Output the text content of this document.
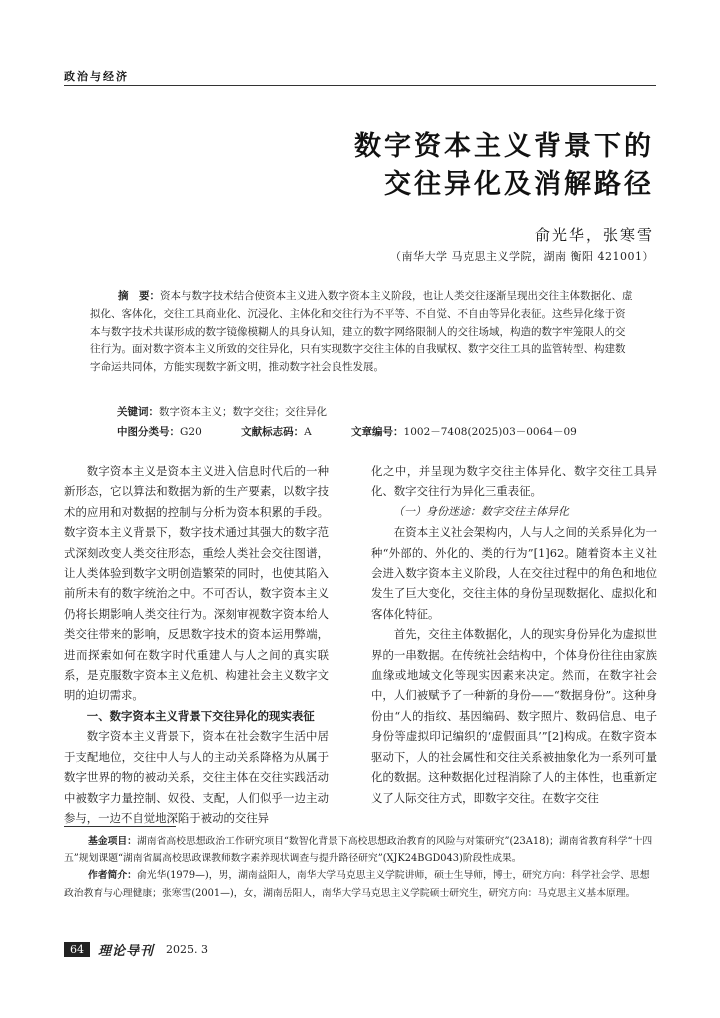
政治与经济
数字资本主义背景下的
交往异化及消解路径
俞光华，张寒雪
（南华大学 马克思主义学院，湖南 衡阳 421001）
摘　要：资本与数字技术结合使资本主义进入数字资本主义阶段，也让人类交往逐渐呈现出交往主体数据化、虚拟化、客体化，交往工具商业化、沉浸化、主体化和交往行为不平等、不自觉、不自由等异化表征。这些异化缘于资本与数字技术共谋形成的数字镜像模糊人的具身认知，建立的数字网络限制人的交往场域，构造的数字牢笼限人的交往行为。面对数字资本主义所致的交往异化，只有实现数字交往主体的自我赋权、数字交往工具的监管转型、构建数字命运共同体，方能实现数字新文明，推动数字社会良性发展。
关键词：数字资本主义；数字交往；交往异化
中图分类号：G20	文献标志码：A	文章编号：1002－7408(2025)03－0064－09

数字资本主义是资本主义进入信息时代后的一种新形态，它以算法和数据为新的生产要素，以数字技术的应用和对数据的控制与分析为资本积累的手段。数字资本主义背景下，数字技术通过其强大的数字范式深刻改变人类交往形态，重绘人类社会交往图谱，让人类体验到数字文明创造繁荣的同时，也使其陷入前所未有的数字统治之中。不可否认，数字资本主义仍将长期影响人类交往行为。深刻审视数字资本给人类交往带来的影响，反思数字技术的资本运用弊端，进而探索如何在数字时代重建人与人之间的真实联系，是克服数字资本主义危机、构建社会主义数字文明的迫切需求。

一、数字资本主义背景下交往异化的现实表征

数字资本主义背景下，资本在社会数字生活中居于支配地位，交往中人与人的主动关系降格为从属于数字世界的物的被动关系，交往主体在交往实践活动中被数字力量控制、奴役、支配，人们似乎一边主动参与，一边不自觉地深陷于被动的交往异

化之中，并呈现为数字交往主体异化、数字交往工具异化、数字交往行为异化三重表征。

（一）身份迷途：数字交往主体异化

在资本主义社会架构内，人与人之间的关系异化为一种“外部的、外化的、类的行为”[1]62。随着资本主义社会进入数字资本主义阶段，人在交往过程中的角色和地位发生了巨大变化，交往主体的身份呈现数据化、虚拟化和客体化特征。

首先，交往主体数据化，人的现实身份异化为虚拟世界的一串数据。在传统社会结构中，个体身份往往由家族血缘或地域文化等现实因素来决定。然而，在数字社会中，人们被赋予了一种新的身份——“数据身份”。这种身份由“人的指纹、基因编码、数字照片、数码信息、电子身份等虚拟印记编织的‘虚假面具’”[2]构成。在数字资本驱动下，人的社会属性和交往关系被抽象化为一系列可量化的数据。这种数据化过程消除了人的主体性，也重新定义了人际交往方式，即数字交往。在数字交往

基金项目：湖南省高校思想政治工作研究项目“数智化背景下高校思想政治教育的风险与对策研究”(23A18)；湖南省教育科学“十四五”规划课题“湖南省属高校思政课教师数字素养现状调查与提升路径研究”(XJK24BGD043)阶段性成果。

作者简介：俞光华(1979—)，男，湖南益阳人，南华大学马克思主义学院讲师，硕士生导师，博士，研究方向：科学社会学、思想政治教育与心理健康；张寒雪(2001—)，女，湖南岳阳人，南华大学马克思主义学院硕士研究生，研究方向：马克思主义基本原理。

64	理论导刊 2025. 3
